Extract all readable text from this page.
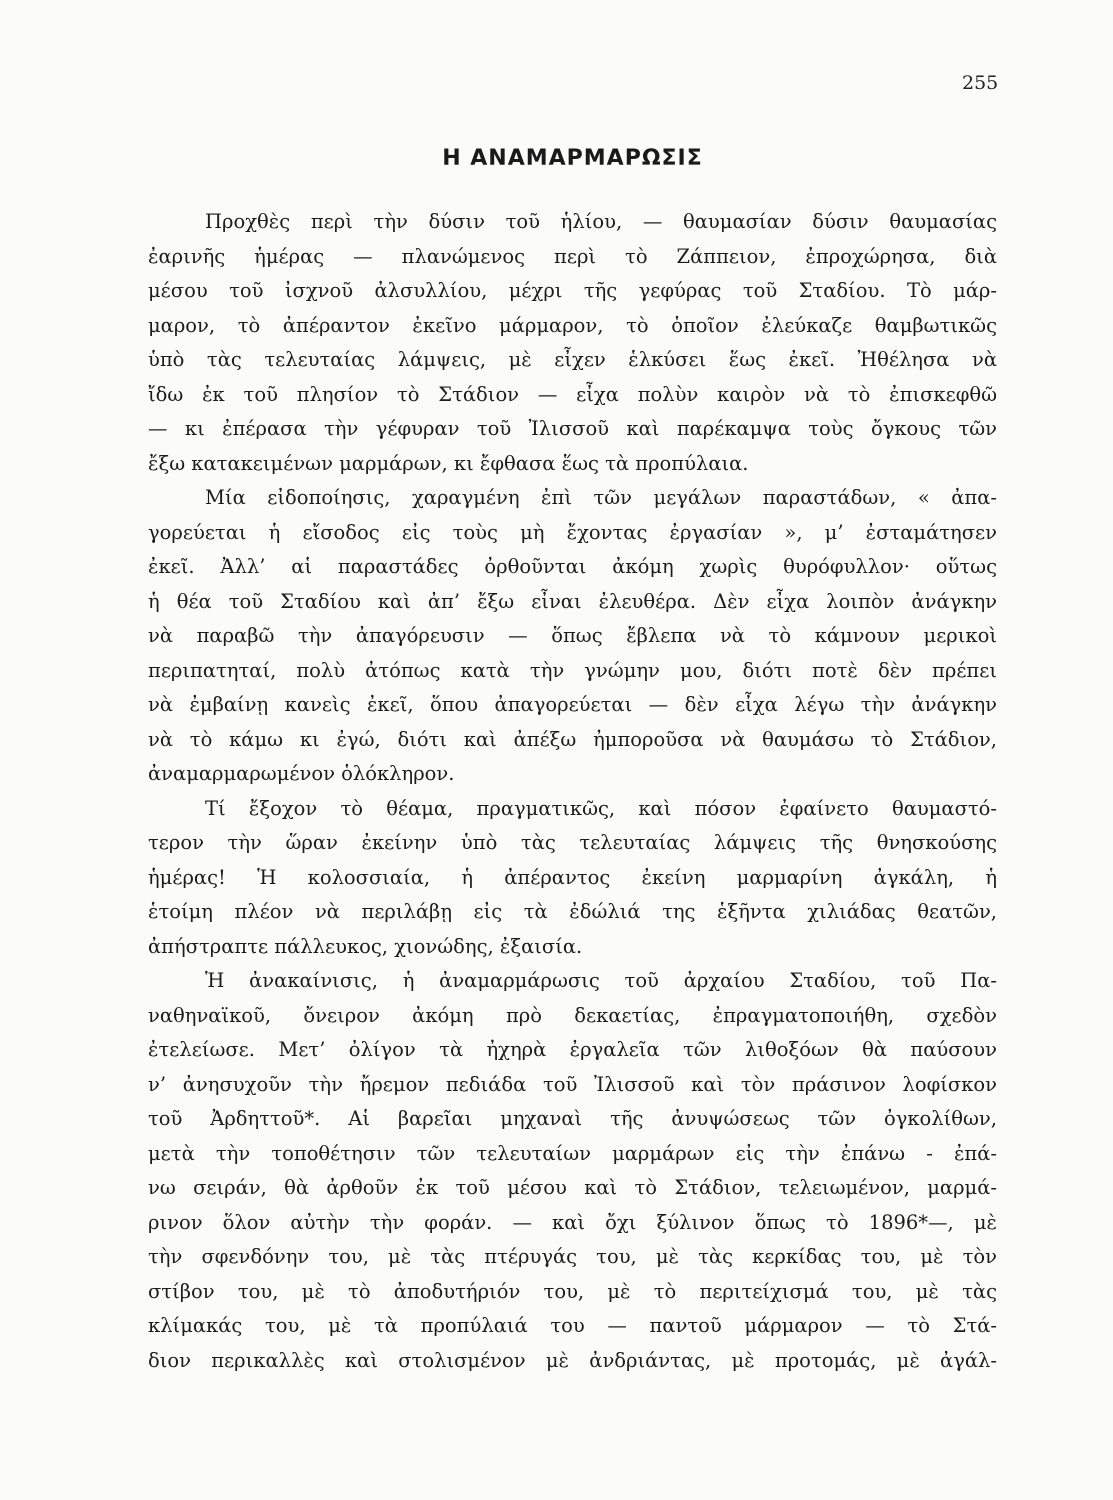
255
Η ΑΝΑΜΑΡΜΑΡΩΣΙΣ
Προχθὲς περὶ τὴν δύσιν τοῦ ἡλίου, — θαυμασίαν δύσιν θαυμασίας
ἐαρινῆς ἡμέρας — πλανώμενος περὶ τὸ Ζάππειον, ἐπροχώρησα, διὰ
μέσου τοῦ ἰσχνοῦ ἀλσυλλίου, μέχρι τῆς γεφύρας τοῦ Σταδίου. Τὸ μάρ-
μαρον, τὸ ἀπέραντον ἐκεῖνο μάρμαρον, τὸ ὁποῖον ἐλεύκαζε θαμβωτικῶς
ὑπὸ τὰς τελευταίας λάμψεις, μὲ εἶχεν ἑλκύσει ἕως ἐκεῖ. Ἠθέλησα νὰ
ἴδω ἐκ τοῦ πλησίον τὸ Στάδιον — εἶχα πολὺν καιρὸν νὰ τὸ ἐπισκεφθῶ
— κι ἐπέρασα τὴν γέφυραν τοῦ Ἰλισσοῦ καὶ παρέκαμψα τοὺς ὄγκους τῶν
ἔξω κατακειμένων μαρμάρων, κι ἔφθασα ἕως τὰ προπύλαια.
Μία εἰδοποίησις, χαραγμένη ἐπὶ τῶν μεγάλων παραστάδων, « ἀπα-
γορεύεται ἡ εἴσοδος εἰς τοὺς μὴ ἔχοντας ἐργασίαν », μ’ ἐσταμάτησεν
ἐκεῖ. Ἀλλ’ αἱ παραστάδες ὀρθοῦνται ἀκόμη χωρὶς θυρόφυλλον· οὕτως
ἡ θέα τοῦ Σταδίου καὶ ἀπ’ ἔξω εἶναι ἐλευθέρα. Δὲν εἶχα λοιπὸν ἀνάγκην
νὰ παραβῶ τὴν ἀπαγόρευσιν — ὅπως ἔβλεπα νὰ τὸ κάμνουν μερικοὶ
περιπατηταί, πολὺ ἀτόπως κατὰ τὴν γνώμην μου, διότι ποτὲ δὲν πρέπει
νὰ ἐμβαίνῃ κανεὶς ἐκεῖ, ὅπου ἀπαγορεύεται — δὲν εἶχα λέγω τὴν ἀνάγκην
νὰ τὸ κάμω κι ἐγώ, διότι καὶ ἀπέξω ἠμποροῦσα νὰ θαυμάσω τὸ Στάδιον,
ἀναμαρμαρωμένον ὁλόκληρον.
Τί ἔξοχον τὸ θέαμα, πραγματικῶς, καὶ πόσον ἐφαίνετο θαυμαστό-
τερον τὴν ὥραν ἐκείνην ὑπὸ τὰς τελευταίας λάμψεις τῆς θνησκούσης
ἡμέρας! Ἡ κολοσσιαία, ἡ ἀπέραντος ἐκείνη μαρμαρίνη ἀγκάλη, ἡ
ἑτοίμη πλέον νὰ περιλάβῃ εἰς τὰ ἐδώλιά της ἑξῆντα χιλιάδας θεατῶν,
ἀπήστραπτε πάλλευκος, χιονώδης, ἐξαισία.
Ἡ ἀνακαίνισις, ἡ ἀναμαρμάρωσις τοῦ ἀρχαίου Σταδίου, τοῦ Πα-
ναθηναϊκοῦ, ὄνειρον ἀκόμη πρὸ δεκαετίας, ἐπραγματοποιήθη, σχεδὸν
ἐτελείωσε. Μετ’ ὀλίγον τὰ ἠχηρὰ ἐργαλεῖα τῶν λιθοξόων θὰ παύσουν
ν’ ἀνησυχοῦν τὴν ἤρεμον πεδιάδα τοῦ Ἰλισσοῦ καὶ τὸν πράσινον λοφίσκον
τοῦ Ἀρδηττοῦ*. Αἱ βαρεῖαι μηχαναὶ τῆς ἀνυψώσεως τῶν ὀγκολίθων,
μετὰ τὴν τοποθέτησιν τῶν τελευταίων μαρμάρων εἰς τὴν ἐπάνω - ἐπά-
νω σειράν, θὰ ἀρθοῦν ἐκ τοῦ μέσου καὶ τὸ Στάδιον, τελειωμένον, μαρμά-
ρινον ὅλον αὐτὴν τὴν φοράν. — καὶ ὄχι ξύλινον ὅπως τὸ 1896*—, μὲ
τὴν σφενδόνην του, μὲ τὰς πτέρυγάς του, μὲ τὰς κερκίδας του, μὲ τὸν
στίβον του, μὲ τὸ ἀποδυτήριόν του, μὲ τὸ περιτείχισμά του, μὲ τὰς
κλίμακάς του, μὲ τὰ προπύλαιά του — παντοῦ μάρμαρον — τὸ Στά-
διον περικαλλὲς καὶ στολισμένον μὲ ἀνδριάντας, μὲ προτομάς, μὲ ἀγάλ-
